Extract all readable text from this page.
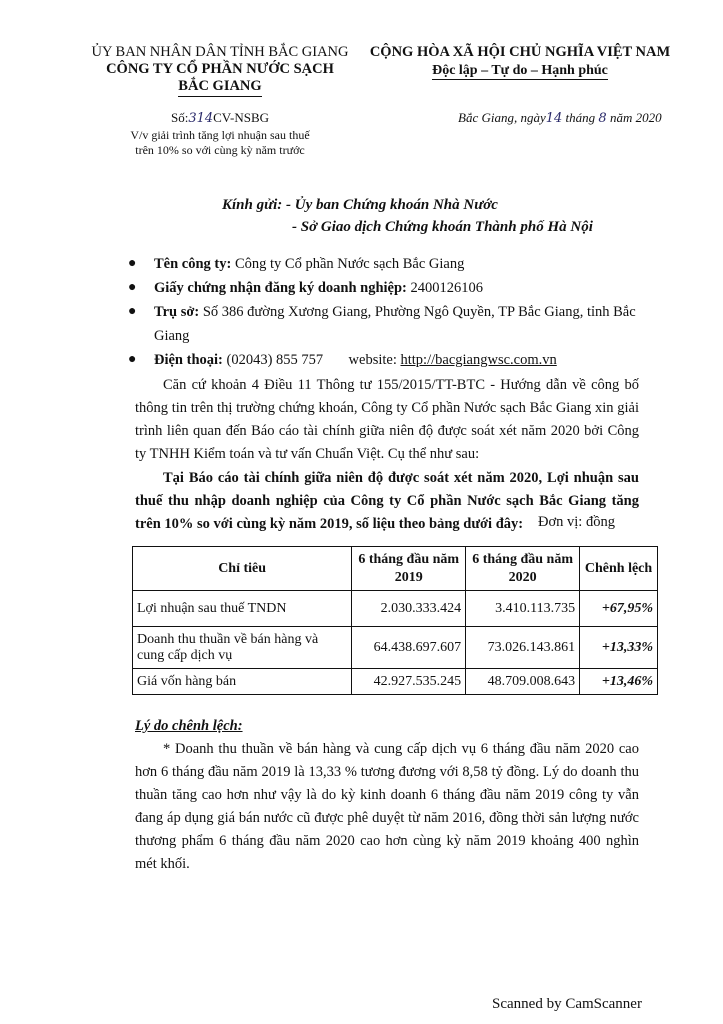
ỦY BAN NHÂN DÂN TỈNH BẮC GIANG
CÔNG TY CỔ PHẦN NƯỚC SẠCH
BẮC GIANG
Số:314CV-NSBG
V/v giải trình tăng lợi nhuận sau thuế
trên 10% so với cùng kỳ năm trước
CỘNG HÒA XÃ HỘI CHỦ NGHĨA VIỆT NAM
Độc lập – Tự do – Hạnh phúc
Bắc Giang, ngày14 tháng 8 năm 2020
Kính gửi: - Ủy ban Chứng khoán Nhà Nước
- Sở Giao dịch Chứng khoán Thành phố Hà Nội
● Tên công ty: Công ty Cổ phần Nước sạch Bắc Giang
● Giấy chứng nhận đăng ký doanh nghiệp: 2400126106
● Trụ sở: Số 386 đường Xương Giang, Phường Ngô Quyền, TP Bắc Giang, tỉnh Bắc Giang
● Điện thoại: (02043) 855 757 website: http://bacgiangwsc.com.vn
Căn cứ khoản 4 Điều 11 Thông tư 155/2015/TT-BTC - Hướng dẫn về công bố thông tin trên thị trường chứng khoán, Công ty Cổ phần Nước sạch Bắc Giang xin giải trình liên quan đến Báo cáo tài chính giữa niên độ được soát xét năm 2020 bởi Công ty TNHH Kiểm toán và tư vấn Chuẩn Việt. Cụ thể như sau:
Tại Báo cáo tài chính giữa niên độ được soát xét năm 2020, Lợi nhuận sau thuế thu nhập doanh nghiệp của Công ty Cổ phần Nước sạch Bắc Giang tăng trên 10% so với cùng kỳ năm 2019, số liệu theo bảng dưới đây:	Đơn vị: đồng
Chỉ tiêu	6 tháng đầu năm 2019	6 tháng đầu năm 2020	Chênh lệch
Lợi nhuận sau thuế TNDN	2.030.333.424	3.410.113.735	+67,95%
Doanh thu thuần về bán hàng và cung cấp dịch vụ	64.438.697.607	73.026.143.861	+13,33%
Giá vốn hàng bán	42.927.535.245	48.709.008.643	+13,46%
Lý do chênh lệch:
* Doanh thu thuần về bán hàng và cung cấp dịch vụ 6 tháng đầu năm 2020 cao hơn 6 tháng đầu năm 2019 là 13,33 % tương đương với 8,58 tỷ đồng. Lý do doanh thu thuần tăng cao hơn như vậy là do kỳ kinh doanh 6 tháng đầu năm 2019 công ty vẫn đang áp dụng giá bán nước cũ được phê duyệt từ năm 2016, đồng thời sản lượng nước thương phẩm 6 tháng đầu năm 2020 cao hơn cùng kỳ năm 2019 khoảng 400 nghìn mét khối.
Scanned by CamScanner
